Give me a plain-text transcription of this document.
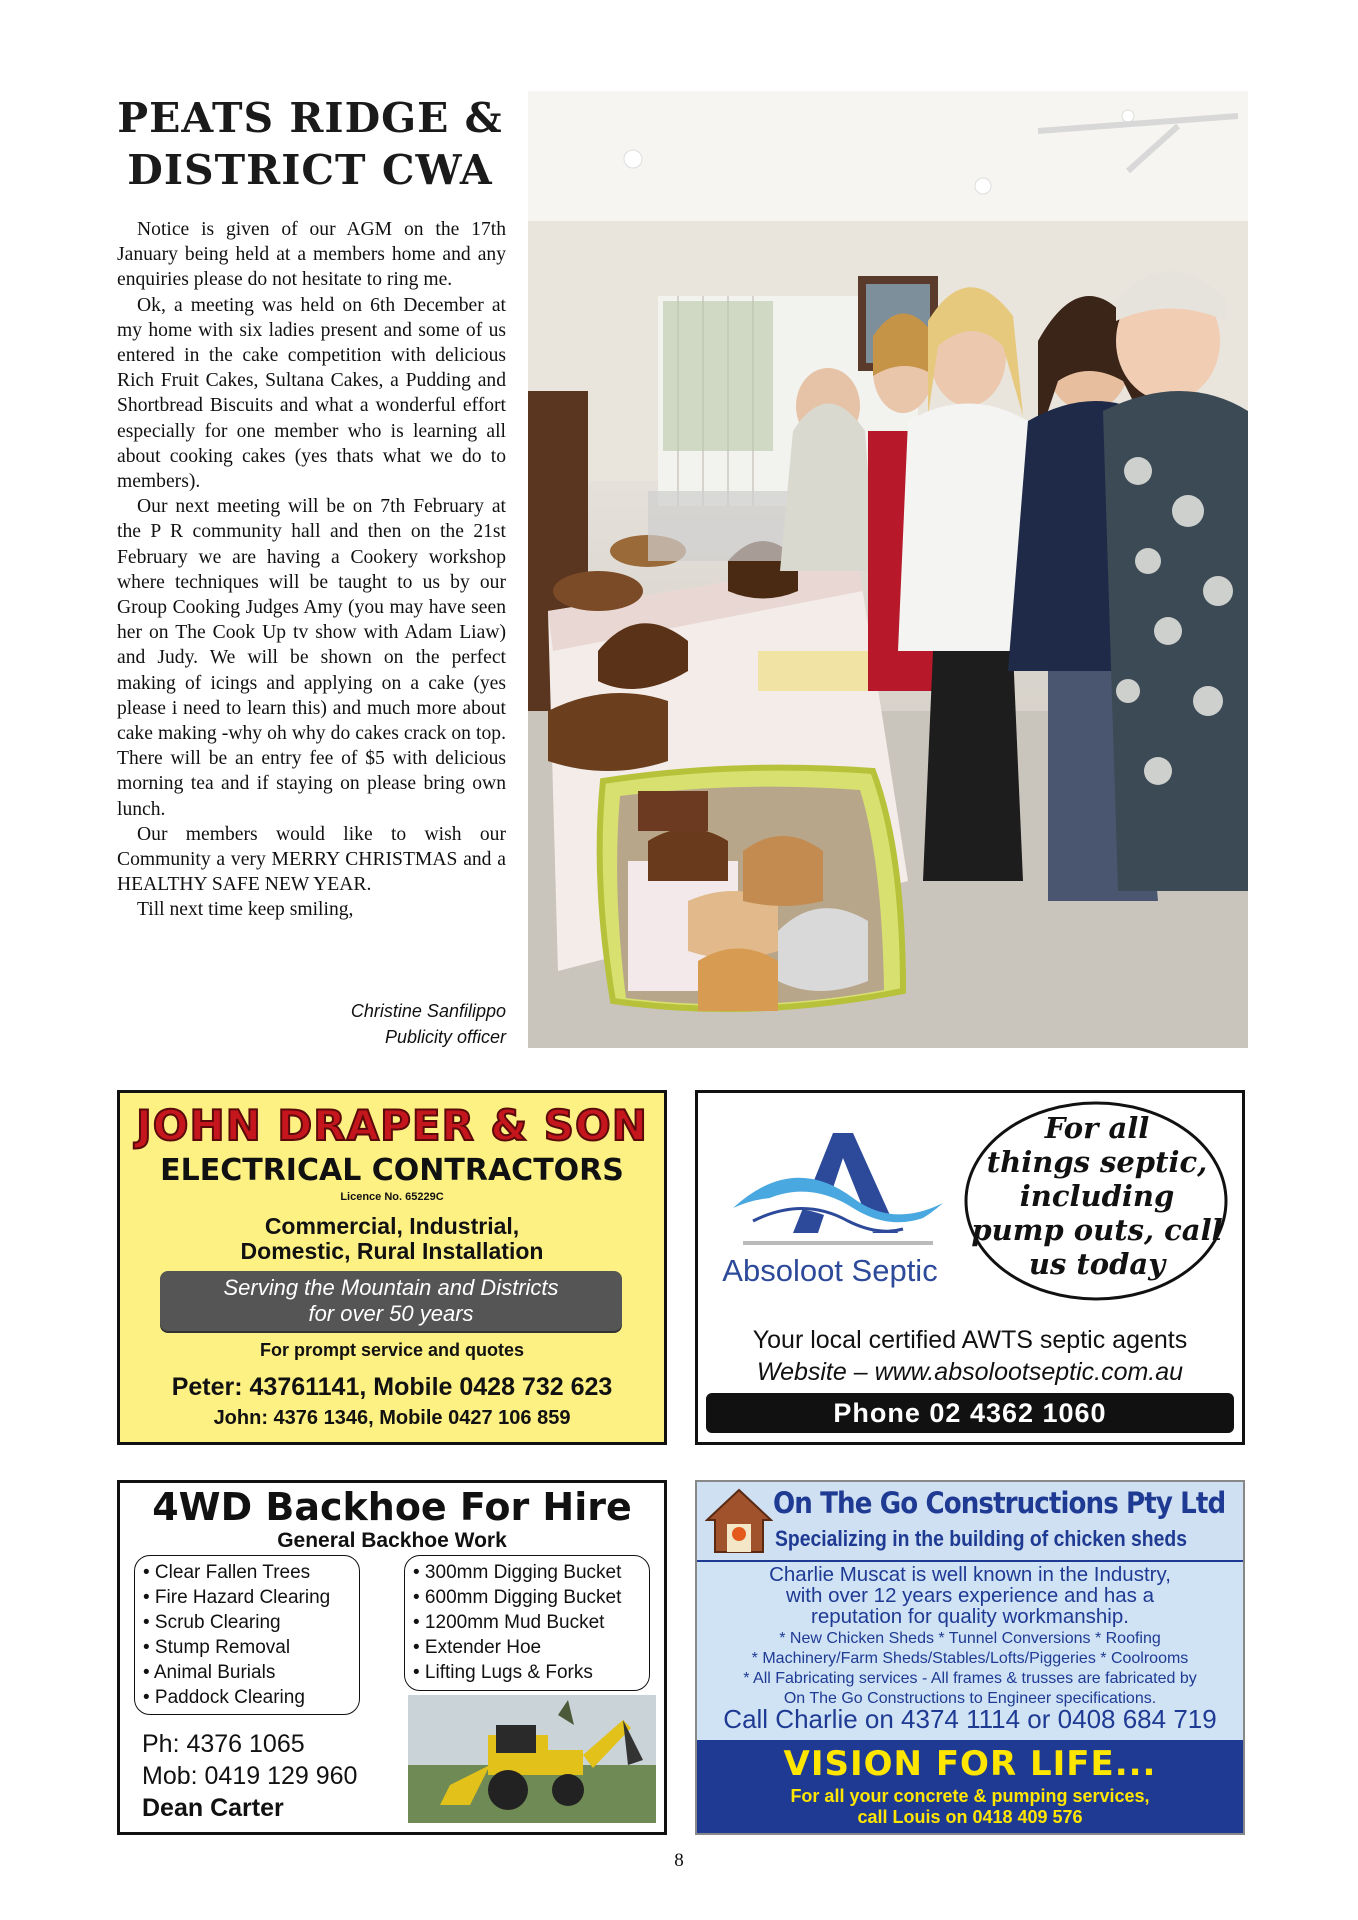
PEATS RIDGE &
DISTRICT CWA

Notice is given of our AGM on the 17th January being held at a members home and any enquiries please do not hesitate to ring me.

Ok, a meeting was held on 6th December at my home with six ladies present and some of us entered in the cake competition with delicious Rich Fruit Cakes, Sultana Cakes, a Pudding and Shortbread Biscuits and what a wonderful effort especially for one member who is learning all about cooking cakes (yes thats what we do to members).

Our next meeting will be on 7th February at the P R community hall and then on the 21st February we are having a Cookery workshop where techniques will be taught to us by our Group Cooking Judges Amy (you may have seen her on The Cook Up tv show with Adam Liaw) and Judy. We will be shown on the perfect making of icings and applying on a cake (yes please i need to learn this) and much more about cake making -why oh why do cakes crack on top. There will be an entry fee of $5 with delicious morning tea and if staying on please bring own lunch.

Our members would like to wish our Community a very MERRY CHRISTMAS and a HEALTHY SAFE NEW YEAR.

Till next time keep smiling,

Christine Sanfilippo
Publicity officer
JOHN DRAPER & SON
ELECTRICAL CONTRACTORS
Licence No. 65229C
Commercial, Industrial,
Domestic, Rural Installation
Serving the Mountain and Districts
for over 50 years
For prompt service and quotes
Peter: 43761141, Mobile 0428 732 623
John: 4376 1346, Mobile 0427 106 859
Absoloot Septic
For all
things septic,
including
pump outs, call
us today
Your local certified AWTS septic agents
Website – www.absolootseptic.com.au
Phone 02 4362 1060
4WD Backhoe For Hire
General Backhoe Work
• Clear Fallen Trees
• Fire Hazard Clearing
• Scrub Clearing
• Stump Removal
• Animal Burials
• Paddock Clearing
• 300mm Digging Bucket
• 600mm Digging Bucket
• 1200mm Mud Bucket
• Extender Hoe
• Lifting Lugs & Forks
Ph: 4376 1065
Mob: 0419 129 960
Dean Carter
On The Go Constructions Pty Ltd
Specializing in the building of chicken sheds
Charlie Muscat is well known in the Industry,
with over 12 years experience and has a
reputation for quality workmanship.
* New Chicken Sheds * Tunnel Conversions * Roofing
* Machinery/Farm Sheds/Stables/Lofts/Piggeries * Coolrooms
* All Fabricating services - All frames & trusses are fabricated by
On The Go Constructions to Engineer specifications.
Call Charlie on 4374 1114 or 0408 684 719
VISION FOR LIFE...
For all your concrete & pumping services,
call Louis on 0418 409 576
8
